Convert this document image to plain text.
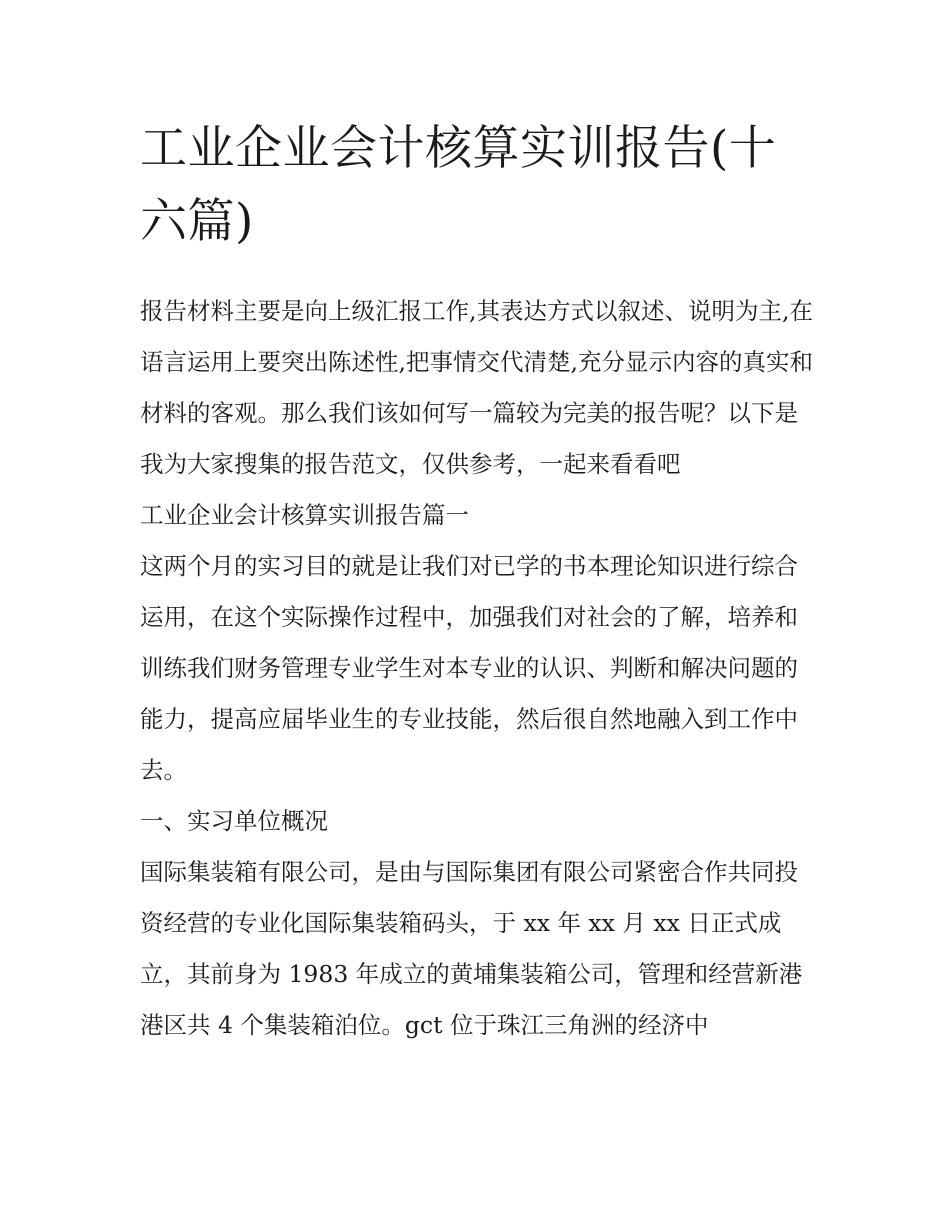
工业企业会计核算实训报告(十六篇)

报告材料主要是向上级汇报工作,其表达方式以叙述、说明为主,在语言运用上要突出陈述性,把事情交代清楚,充分显示内容的真实和材料的客观。那么我们该如何写一篇较为完美的报告呢？以下是我为大家搜集的报告范文，仅供参考，一起来看看吧

工业企业会计核算实训报告篇一

这两个月的实习目的就是让我们对已学的书本理论知识进行综合运用，在这个实际操作过程中，加强我们对社会的了解，培养和训练我们财务管理专业学生对本专业的认识、判断和解决问题的能力，提高应届毕业生的专业技能，然后很自然地融入到工作中去。

一、实习单位概况

国际集装箱有限公司，是由与国际集团有限公司紧密合作共同投资经营的专业化国际集装箱码头，于 xx 年 xx 月 xx 日正式成立，其前身为 1983 年成立的黄埔集装箱公司，管理和经营新港港区共 4 个集装箱泊位。gct 位于珠江三角洲的经济中
